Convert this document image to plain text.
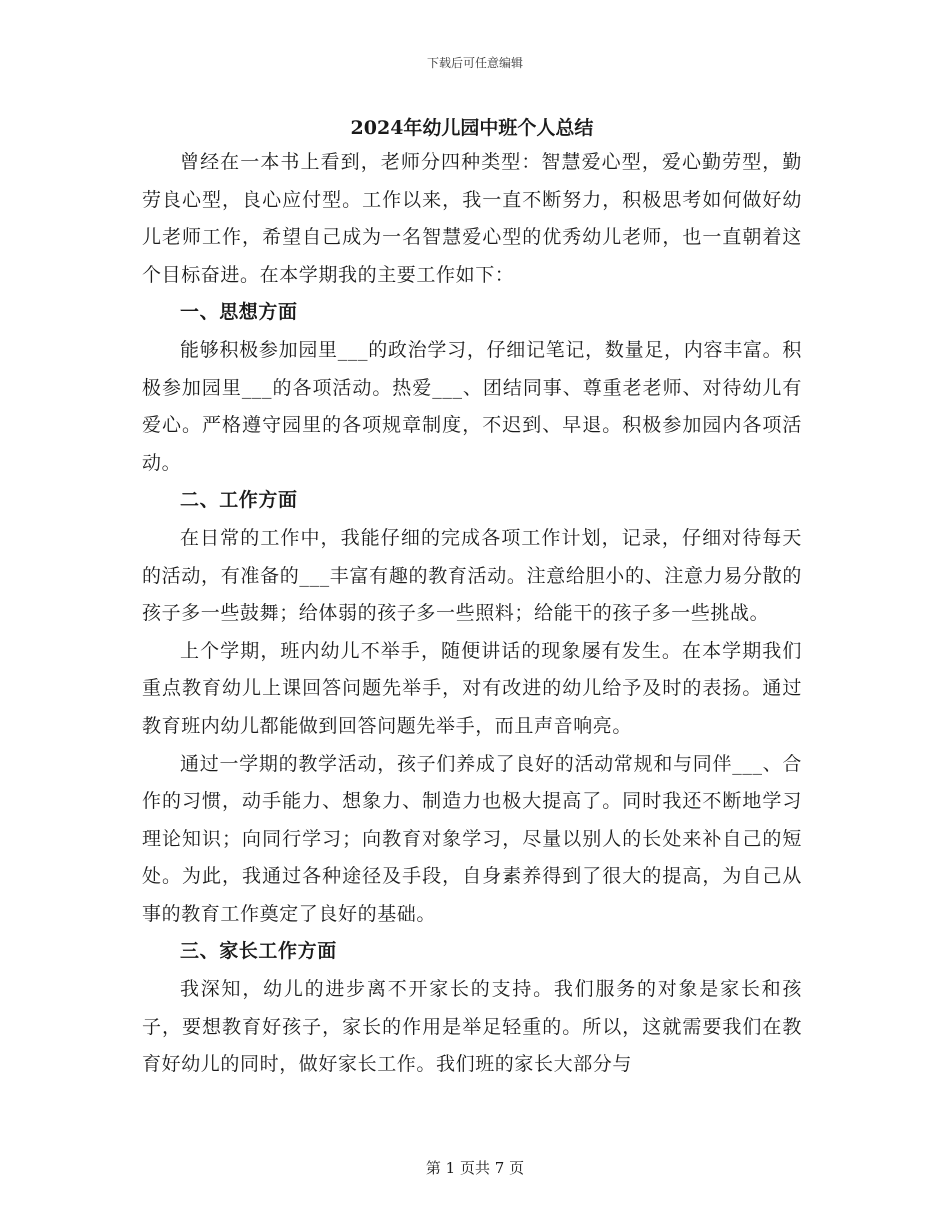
下载后可任意编辑
2024年幼儿园中班个人总结

曾经在一本书上看到，老师分四种类型：智慧爱心型，爱心勤劳型，勤劳良心型，良心应付型。工作以来，我一直不断努力，积极思考如何做好幼儿老师工作，希望自己成为一名智慧爱心型的优秀幼儿老师，也一直朝着这个目标奋进。在本学期我的主要工作如下：

一、思想方面

能够积极参加园里___的政治学习，仔细记笔记，数量足，内容丰富。积极参加园里___的各项活动。热爱___、团结同事、尊重老老师、对待幼儿有爱心。严格遵守园里的各项规章制度，不迟到、早退。积极参加园内各项活动。

二、工作方面

在日常的工作中，我能仔细的完成各项工作计划，记录，仔细对待每天的活动，有准备的___丰富有趣的教育活动。注意给胆小的、注意力易分散的孩子多一些鼓舞；给体弱的孩子多一些照料；给能干的孩子多一些挑战。

上个学期，班内幼儿不举手，随便讲话的现象屡有发生。在本学期我们重点教育幼儿上课回答问题先举手，对有改进的幼儿给予及时的表扬。通过教育班内幼儿都能做到回答问题先举手，而且声音响亮。

通过一学期的教学活动，孩子们养成了良好的活动常规和与同伴___、合作的习惯，动手能力、想象力、制造力也极大提高了。同时我还不断地学习理论知识；向同行学习；向教育对象学习，尽量以别人的长处来补自己的短处。为此，我通过各种途径及手段，自身素养得到了很大的提高，为自己从事的教育工作奠定了良好的基础。

三、家长工作方面

我深知，幼儿的进步离不开家长的支持。我们服务的对象是家长和孩子，要想教育好孩子，家长的作用是举足轻重的。所以，这就需要我们在教育好幼儿的同时，做好家长工作。我们班的家长大部分与

第 1 页共 7 页
